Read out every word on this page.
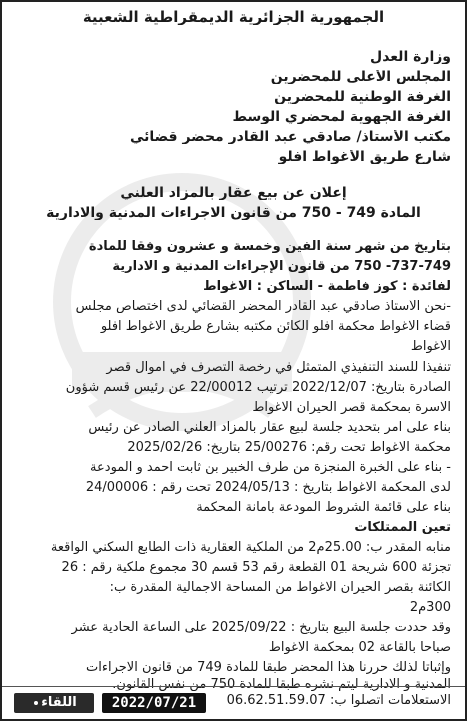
الجمهورية الجزائرية الديمقراطية الشعبية
وزارة العدل
المجلس الأعلى للمحضرين
الغرفة الوطنية للمحضرين
الغرفة الجهوية لمحضري الوسط
مكتب الأستاذ/ صادقي عبد القادر محضر قضائي
شارع طريق الأغواط افلو
إعلان عن بيع عقار بالمزاد العلني
المادة 749 - 750 من قانون الاجراءات المدنية والادارية
بتاريخ من شهر سنة الفين وخمسة و عشرون وفقا للمادة
737-749- 750 من قانون الإجراءات المدنية و الادارية
لفائدة : كوز فاطمة - الساكن : الاغواط
-نحن الأستاذ صادقي عبد القادر المحضر القضائي لدى اختصاص مجلس
قضاء الاغواط محكمة أفلو الكائن مكتبه بشارع طريق الاغواط افلو
الاغواط
تنفيذا للسند التنفيذي المتمثل في رخصة التصرف في اموال قصر
الصادرة بتاريخ: 2022/12/07 ترتيب 22/00012 عن رئيس قسم شؤون
الاسرة بمحكمة قصر الحيران الاغواط
بناء على امر بتحديد جلسة لبيع عقار بالمزاد العلني الصادر عن رئيس
محكمة الاغواط تحت رقم: 25/00276 بتاريخ: 2025/02/26
- بناء على الخبرة المنجزة من طرف الخبير بن ثابت احمد و المودعة
لدى المحكمة الاغواط بتاريخ : 2024/05/13 تحت رقم : 24/00006
بناء على قائمة الشروط المودعة بامانة المحكمة
تعين الممتلكات
منابه المقدر ب: 25.00م2 من الملكية العقارية ذات الطابع السكني الواقعة
تجزئة 600 شريحة 01 القطعة رقم 53 قسم 30 مجموع ملكية رقم : 26
الكائنة بقصر الحيران الاغواط من المساحة الاجمالية المقدرة ب:
300م2
وقد حددت جلسة البيع بتاريخ : 2025/09/22 على الساعة الحادية عشر
صباحا بالقاعة 02 بمحكمة الاغواط
وإثباتا لذلك حررنا هذا المحضر طبقا للمادة 749 من قانون الاجراءات
المدنية و الادارية ليتم نشره طبقا للمادة 750 من نفس القانون.
الاستعلامات اتصلوا ب: 06.62.51.59.07
2022/07/21
اللقاء
